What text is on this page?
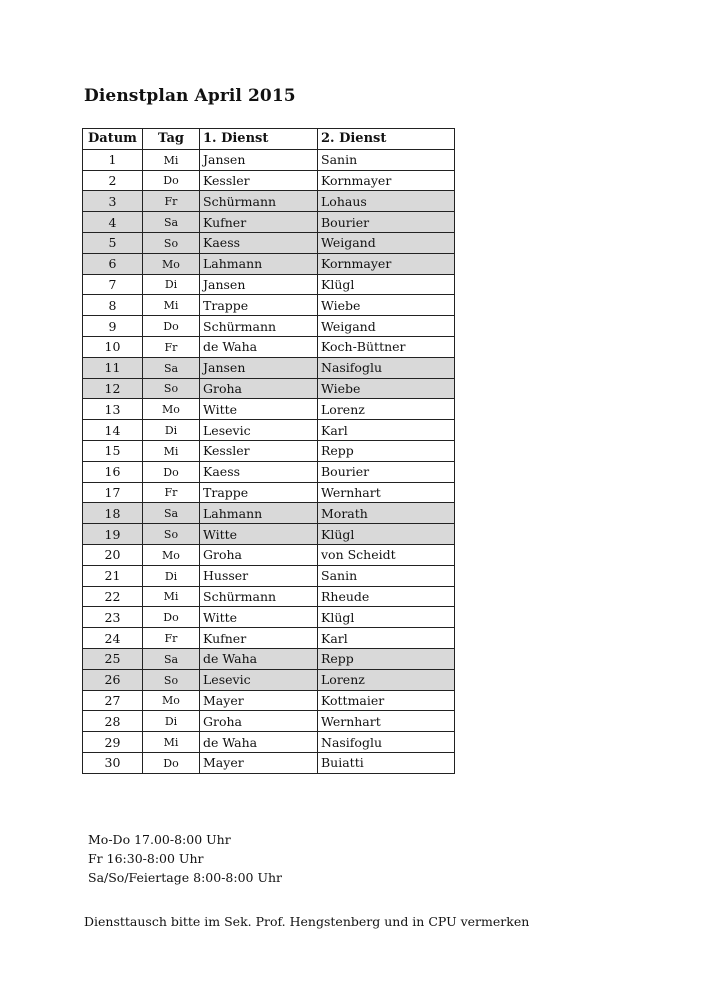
Dienstplan April 2015
Datum	Tag	1. Dienst	2. Dienst
1	Mi	Jansen	Sanin
2	Do	Kessler	Kornmayer
3	Fr	Schürmann	Lohaus
4	Sa	Kufner	Bourier
5	So	Kaess	Weigand
6	Mo	Lahmann	Kornmayer
7	Di	Jansen	Klügl
8	Mi	Trappe	Wiebe
9	Do	Schürmann	Weigand
10	Fr	de Waha	Koch-Büttner
11	Sa	Jansen	Nasifoglu
12	So	Groha	Wiebe
13	Mo	Witte	Lorenz
14	Di	Lesevic	Karl
15	Mi	Kessler	Repp
16	Do	Kaess	Bourier
17	Fr	Trappe	Wernhart
18	Sa	Lahmann	Morath
19	So	Witte	Klügl
20	Mo	Groha	von Scheidt
21	Di	Husser	Sanin
22	Mi	Schürmann	Rheude
23	Do	Witte	Klügl
24	Fr	Kufner	Karl
25	Sa	de Waha	Repp
26	So	Lesevic	Lorenz
27	Mo	Mayer	Kottmaier
28	Di	Groha	Wernhart
29	Mi	de Waha	Nasifoglu
30	Do	Mayer	Buiatti
Mo-Do 17.00-8:00 Uhr
Fr 16:30-8:00 Uhr
Sa/So/Feiertage 8:00-8:00 Uhr
Diensttausch bitte im Sek. Prof. Hengstenberg und in CPU vermerken
